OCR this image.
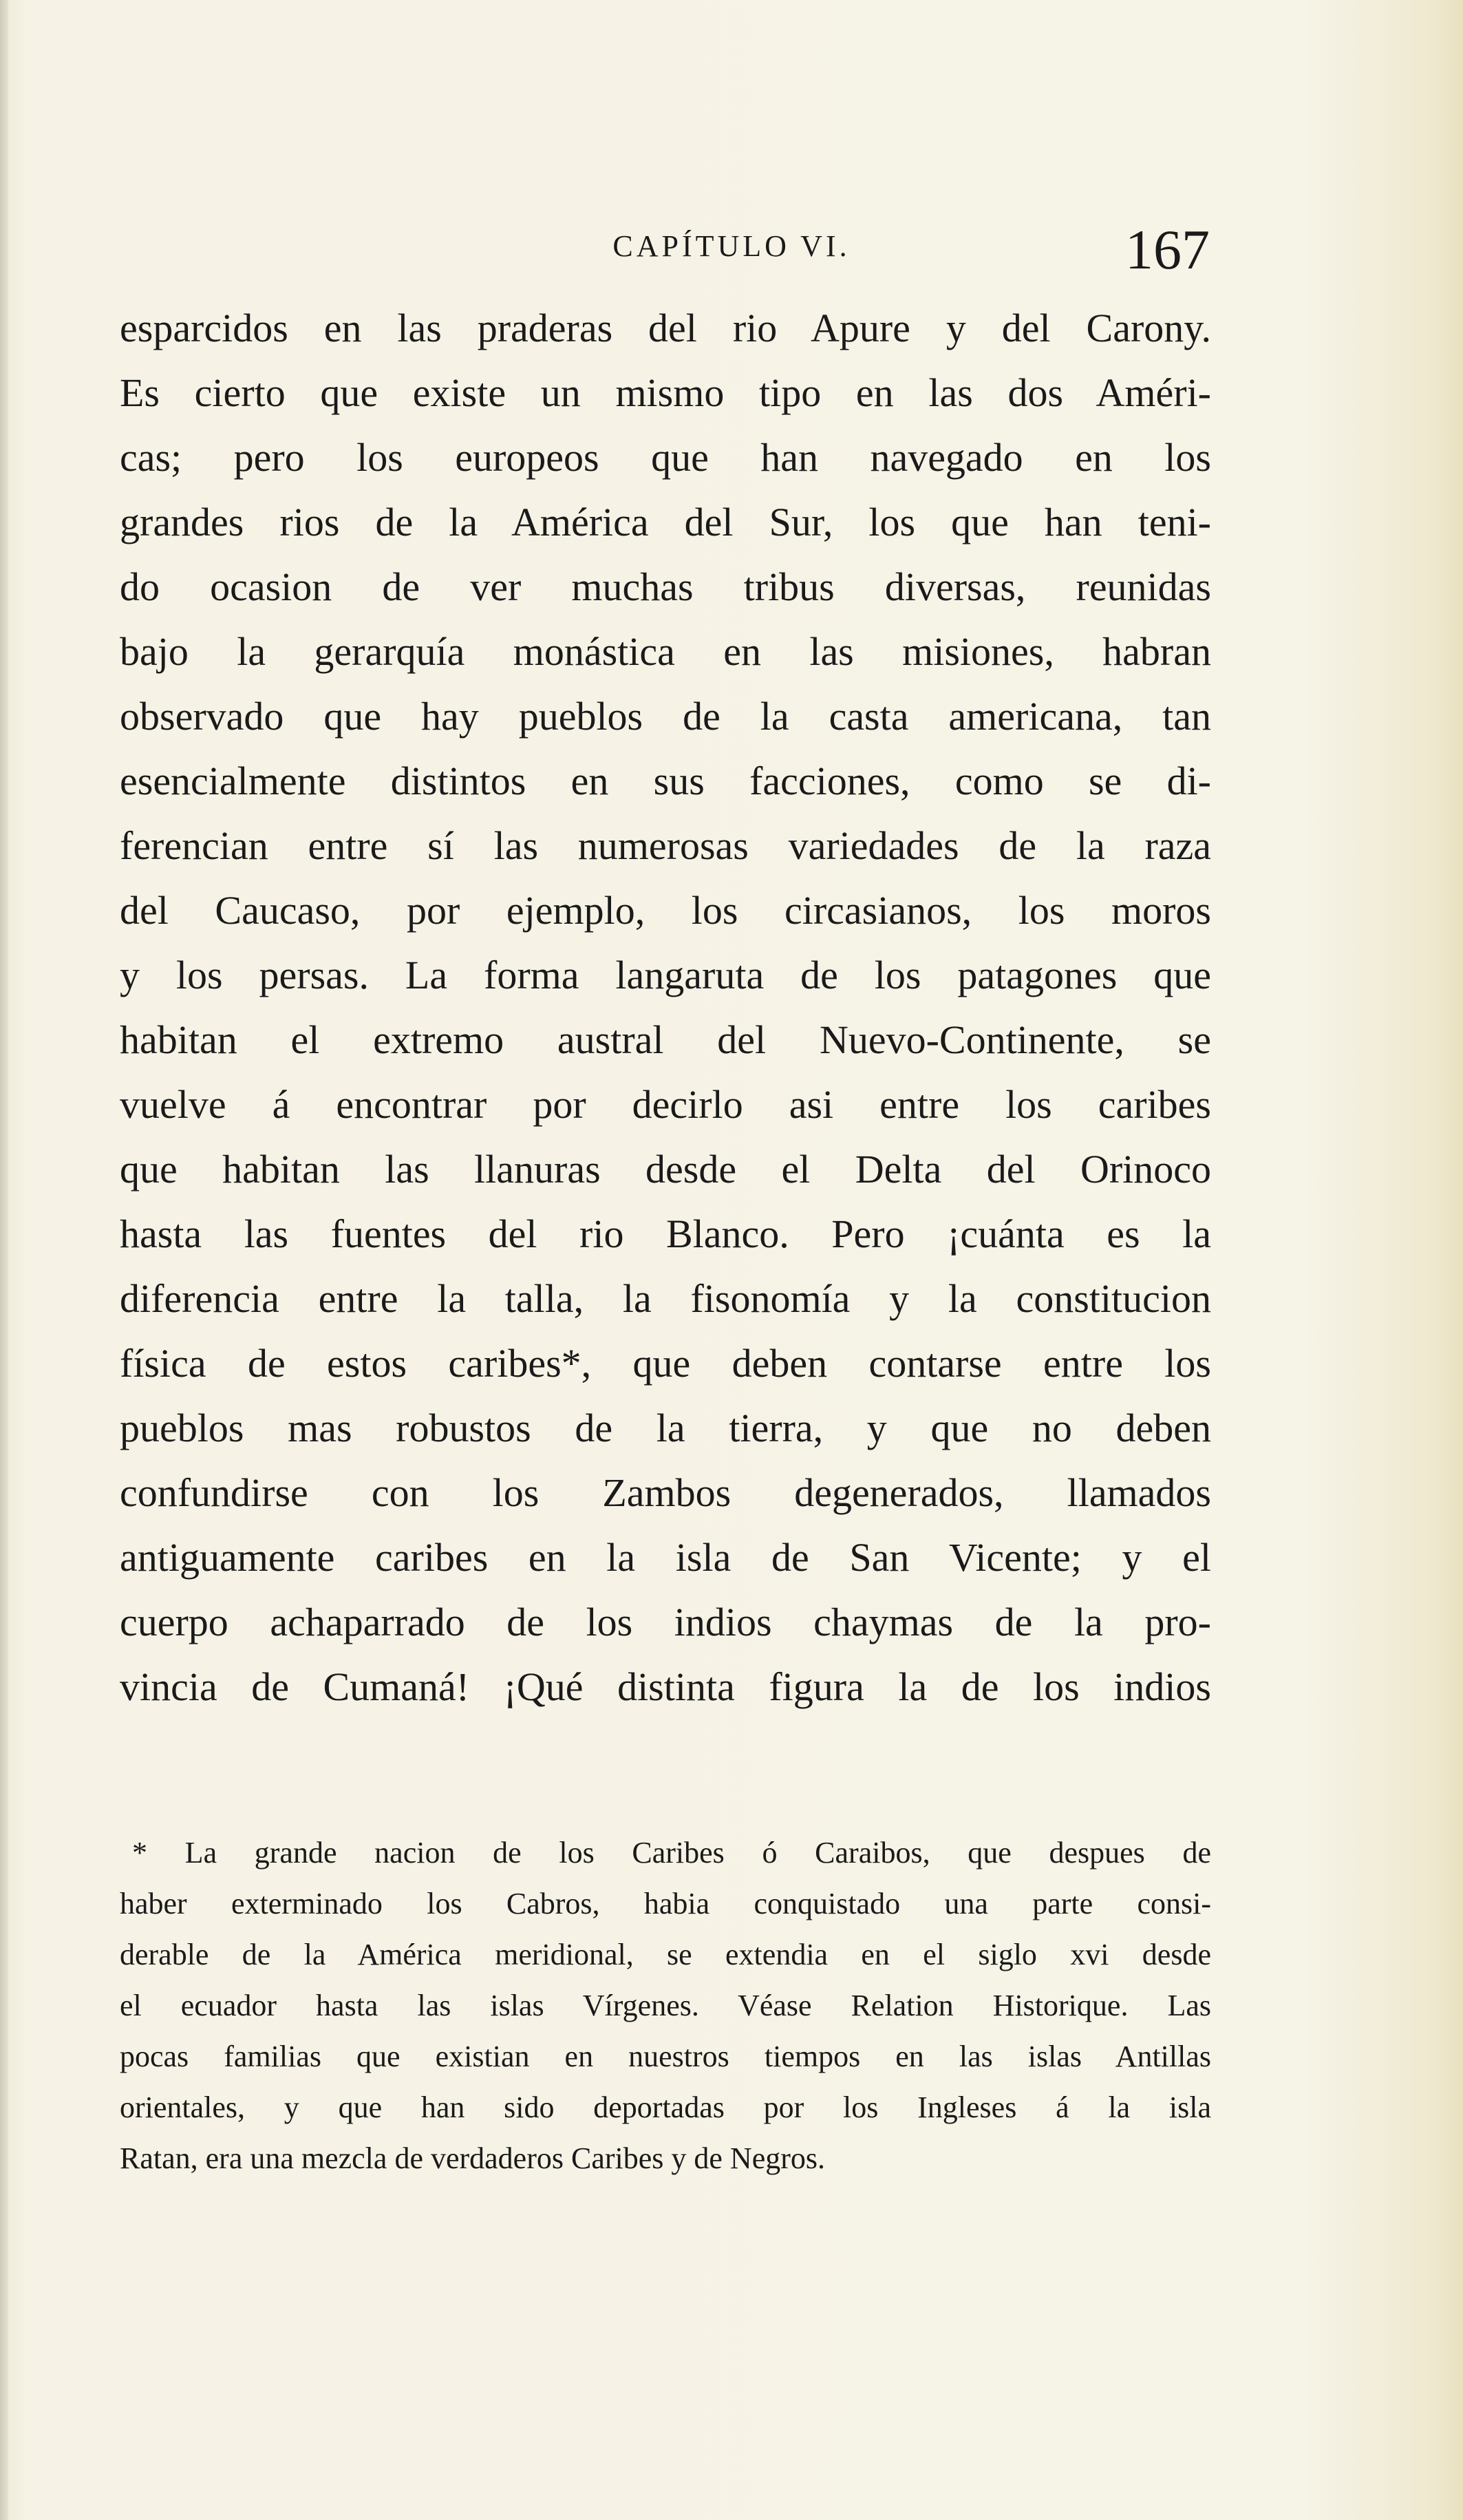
CAPÍTULO VI.	167
esparcidos en las praderas del rio Apure y del Carony.
Es cierto que existe un mismo tipo en las dos Améri-
cas; pero los europeos que han navegado en los
grandes rios de la América del Sur, los que han teni-
do ocasion de ver muchas tribus diversas, reunidas
bajo la gerarquía monástica en las misiones, habran
observado que hay pueblos de la casta americana, tan
esencialmente distintos en sus facciones, como se di-
ferencian entre sí las numerosas variedades de la raza
del Caucaso, por ejemplo, los circasianos, los moros
y los persas. La forma langaruta de los patagones que
habitan el extremo austral del Nuevo-Continente, se
vuelve á encontrar por decirlo asi entre los caribes
que habitan las llanuras desde el Delta del Orinoco
hasta las fuentes del rio Blanco. Pero ¡cuánta es la
diferencia entre la talla, la fisonomía y la constitucion
física de estos caribes*, que deben contarse entre los
pueblos mas robustos de la tierra, y que no deben
confundirse con los Zambos degenerados, llamados
antiguamente caribes en la isla de San Vicente; y el
cuerpo achaparrado de los indios chaymas de la pro-
vincia de Cumaná! ¡Qué distinta figura la de los indios
* La grande nacion de los Caribes ó Caraibos, que despues de
haber exterminado los Cabros, habia conquistado una parte consi-
derable de la América meridional, se extendia en el siglo xvi desde
el ecuador hasta las islas Vírgenes. Véase Relation Historique. Las
pocas familias que existian en nuestros tiempos en las islas Antillas
orientales, y que han sido deportadas por los Ingleses á la isla
Ratan, era una mezcla de verdaderos Caribes y de Negros.
